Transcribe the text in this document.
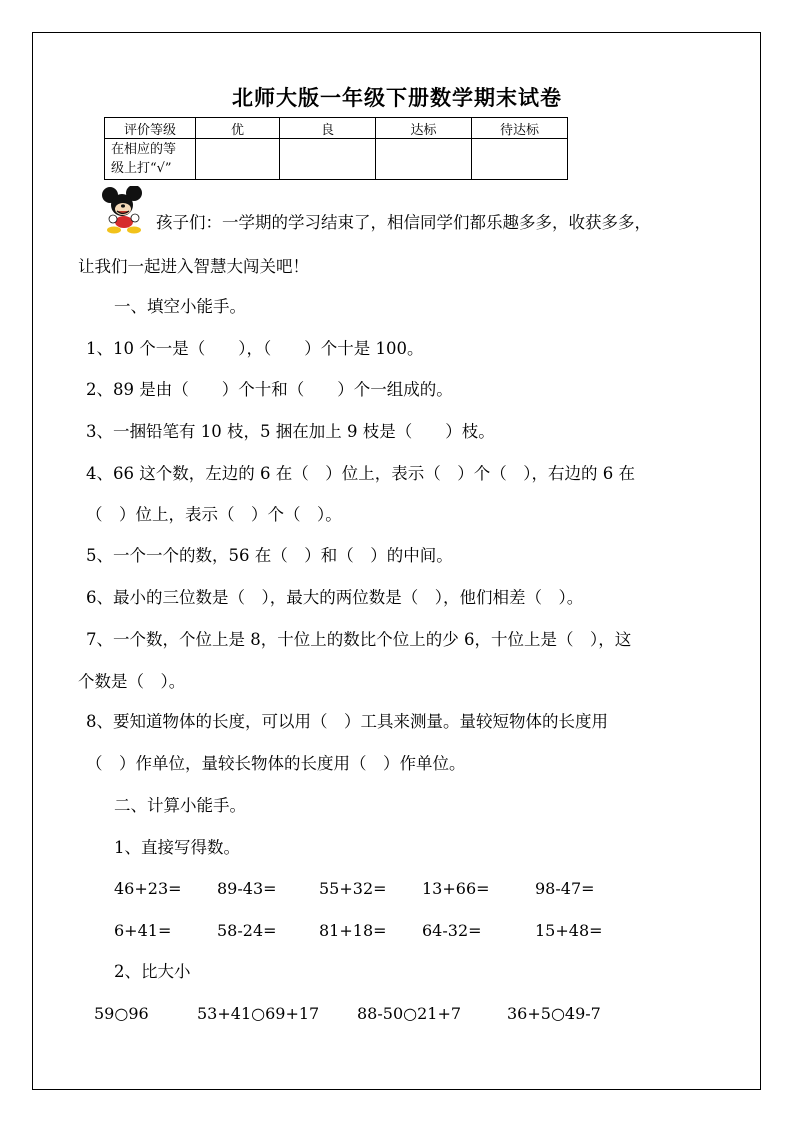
北师大版一年级下册数学期末试卷
评价等级	优	良	达标	待达标

在相应的等
级上打“√”				

孩子们：一学期的学习结束了，相信同学们都乐趣多多，收获多多，
让我们一起进入智慧大闯关吧！
一、填空小能手。
1、10 个一是（　　），（　　）个十是 100。
2、89 是由（　　）个十和（　　）个一组成的。
3、一捆铅笔有 10 枝，5 捆在加上 9 枝是（　　）枝。
4、66 这个数，左边的 6 在（　）位上，表示（　）个（　），右边的 6 在
（　）位上，表示（　）个（　）。
5、一个一个的数，56 在（　）和（　）的中间。
6、最小的三位数是（　），最大的两位数是（　），他们相差（　）。
7、一个数，个位上是 8，十位上的数比个位上的少 6，十位上是（　），这
个数是（　）。
8、要知道物体的长度，可以用（　）工具来测量。量较短物体的长度用
（　）作单位，量较长物体的长度用（　）作单位。
二、计算小能手。
1、直接写得数。
46+23= 89-43=	55+32= 13+66=	98-47=
6+41=	58-24=	81+18= 64-32=	15+48=
2、比大小
59○96	53+41○69+17 88-50○21+7	36+5○49-7
